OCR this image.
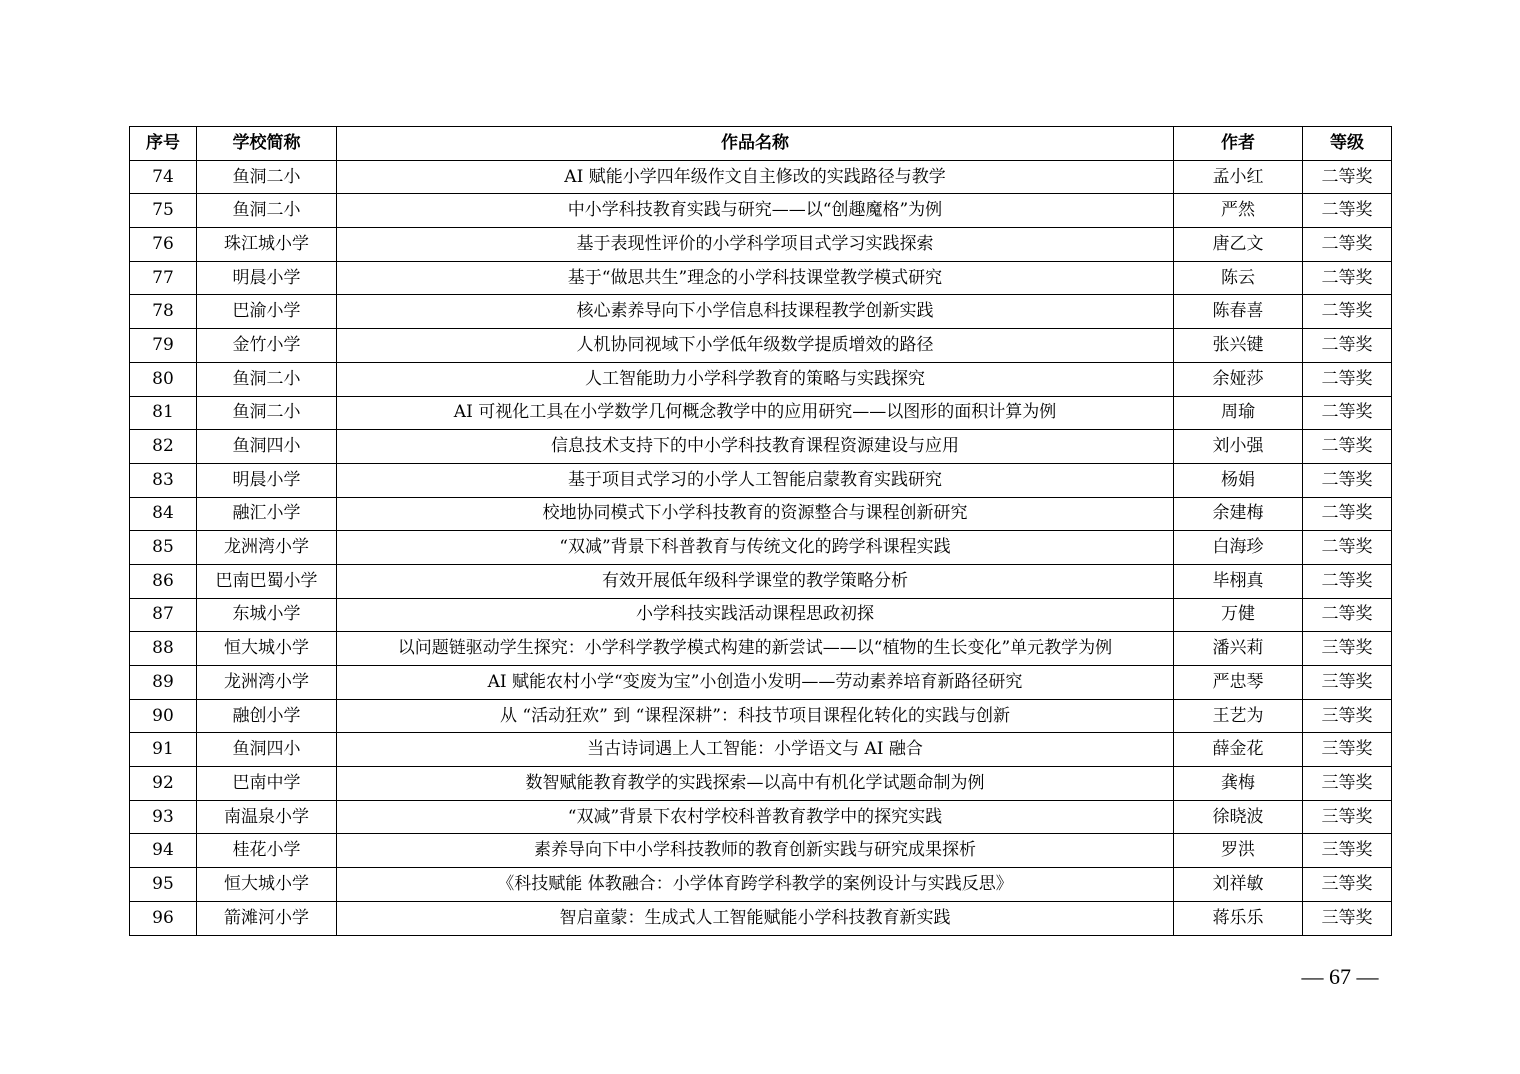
序号	学校简称	作品名称	作者	等级
74	鱼洞二小	AI 赋能小学四年级作文自主修改的实践路径与教学	孟小红	二等奖
75	鱼洞二小	中小学科技教育实践与研究——以“创趣魔格”为例	严然	二等奖
76	珠江城小学	基于表现性评价的小学科学项目式学习实践探索	唐乙文	二等奖
77	明晨小学	基于“做思共生”理念的小学科技课堂教学模式研究	陈云	二等奖
78	巴渝小学	核心素养导向下小学信息科技课程教学创新实践	陈春喜	二等奖
79	金竹小学	人机协同视域下小学低年级数学提质增效的路径	张兴键	二等奖
80	鱼洞二小	人工智能助力小学科学教育的策略与实践探究	余娅莎	二等奖
81	鱼洞二小	AI 可视化工具在小学数学几何概念教学中的应用研究——以图形的面积计算为例	周瑜	二等奖
82	鱼洞四小	信息技术支持下的中小学科技教育课程资源建设与应用	刘小强	二等奖
83	明晨小学	基于项目式学习的小学人工智能启蒙教育实践研究	杨娟	二等奖
84	融汇小学	校地协同模式下小学科技教育的资源整合与课程创新研究	余建梅	二等奖
85	龙洲湾小学	“双减”背景下科普教育与传统文化的跨学科课程实践	白海珍	二等奖
86	巴南巴蜀小学	有效开展低年级科学课堂的教学策略分析	毕栩真	二等奖
87	东城小学	小学科技实践活动课程思政初探	万健	二等奖
88	恒大城小学	以问题链驱动学生探究：小学科学教学模式构建的新尝试——以“植物的生长变化”单元教学为例	潘兴莉	三等奖
89	龙洲湾小学	AI 赋能农村小学“变废为宝”小创造小发明——劳动素养培育新路径研究	严忠琴	三等奖
90	融创小学	从 “活动狂欢” 到 “课程深耕”：科技节项目课程化转化的实践与创新	王艺为	三等奖
91	鱼洞四小	当古诗词遇上人工智能：小学语文与 AI 融合	薛金花	三等奖
92	巴南中学	数智赋能教育教学的实践探索—以高中有机化学试题命制为例	龚梅	三等奖
93	南温泉小学	“双减”背景下农村学校科普教育教学中的探究实践	徐晓波	三等奖
94	桂花小学	素养导向下中小学科技教师的教育创新实践与研究成果探析	罗洪	三等奖
95	恒大城小学	《科技赋能 体教融合：小学体育跨学科教学的案例设计与实践反思》	刘祥敏	三等奖
96	箭滩河小学	智启童蒙：生成式人工智能赋能小学科技教育新实践	蒋乐乐	三等奖
— 67 —
